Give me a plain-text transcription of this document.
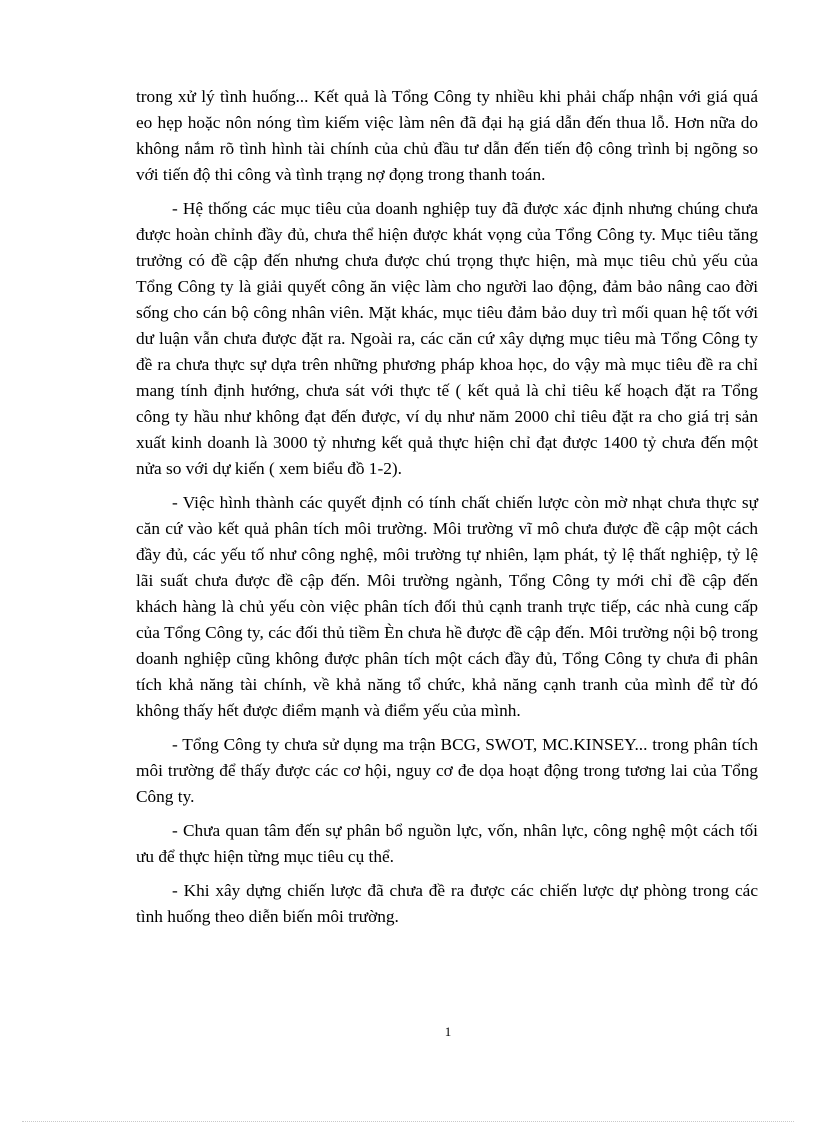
trong xử lý tình huống... Kết quả là Tổng Công ty nhiều khi phải chấp nhận với giá quá eo hẹp hoặc nôn nóng tìm kiếm việc làm nên đã đại hạ giá dẫn đến thua lỗ. Hơn nữa do không nắm rõ tình hình tài chính của chủ đầu tư dẫn đến tiến độ công trình bị ngõng so với tiến độ thi công và tình trạng nợ đọng trong thanh toán.

- Hệ thống các mục tiêu của doanh nghiệp tuy đã được xác định nhưng chúng chưa được hoàn chỉnh đầy đủ, chưa thể hiện được khát vọng của Tổng Công ty. Mục tiêu tăng trưởng có đề cập đến nhưng chưa được chú trọng thực hiện, mà mục tiêu chủ yếu của Tổng Công ty là giải quyết công ăn việc làm cho người lao động, đảm bảo nâng cao đời sống cho cán bộ công nhân viên. Mặt khác, mục tiêu đảm bảo duy trì mối quan hệ tốt với dư luận vẫn chưa được đặt ra. Ngoài ra, các căn cứ xây dựng mục tiêu mà Tổng Công ty đề ra chưa thực sự dựa trên những phương pháp khoa học, do vậy mà mục tiêu đề ra chỉ mang tính định hướng, chưa sát với thực tế ( kết quả là chỉ tiêu kế hoạch đặt ra Tổng công ty hầu như không đạt đến được, ví dụ như năm 2000 chỉ tiêu đặt ra cho giá trị sản xuất kinh doanh là 3000 tỷ nhưng kết quả thực hiện chỉ đạt được 1400 tỷ chưa đến một nửa so với dự kiến ( xem biểu đồ 1-2).

- Việc hình thành các quyết định có tính chất chiến lược còn mờ nhạt chưa thực sự căn cứ vào kết quả phân tích môi trường. Môi trường vĩ mô chưa được đề cập một cách đầy đủ, các yếu tố như công nghệ, môi trường tự nhiên, lạm phát, tỷ lệ thất nghiệp, tỷ lệ lãi suất chưa được đề cập đến. Môi trường ngành, Tổng Công ty mới chỉ đề cập đến khách hàng là chủ yếu còn việc phân tích đối thủ cạnh tranh trực tiếp, các nhà cung cấp của Tổng Công ty, các đối thủ tiềm Èn chưa hề được đề cập đến. Môi trường nội bộ trong doanh nghiệp cũng không được phân tích một cách đầy đủ, Tổng Công ty chưa đi phân tích khả năng tài chính, về khả năng tổ chức, khả năng cạnh tranh của mình để từ đó không thấy hết được điểm mạnh và điểm yếu của mình.

- Tổng Công ty chưa sử dụng ma trận BCG, SWOT, MC.KINSEY... trong phân tích môi trường để thấy được các cơ hội, nguy cơ đe dọa hoạt động trong tương lai của Tổng Công ty.

- Chưa quan tâm đến sự phân bổ nguồn lực, vốn, nhân lực, công nghệ một cách tối ưu để thực hiện từng mục tiêu cụ thể.

- Khi xây dựng chiến lược đã chưa đề ra được các chiến lược dự phòng trong các tình huống theo diễn biến môi trường.

1
